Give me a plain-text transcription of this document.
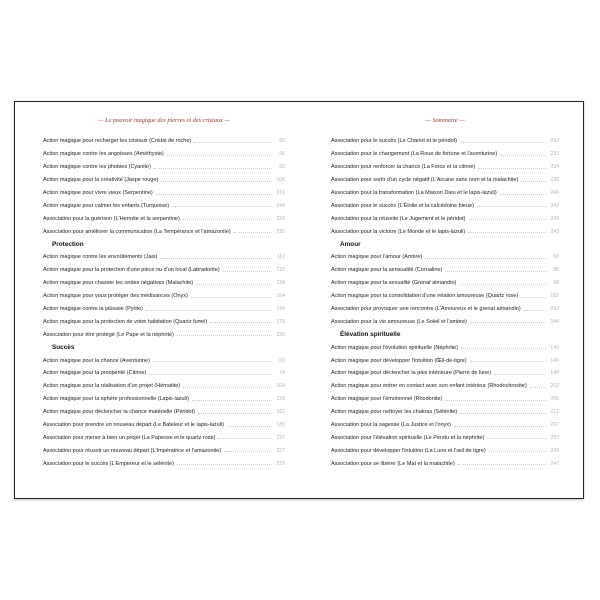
— Le pouvoir magique des pierres et des cristaux —
Action magique pour recharger les cristaux (Cristal de roche)	90
Action magique contre les angoisses (Améthyste)	96
Action magique contre les phobies (Cyanite)	92
Action magique pour la créativité (Jaspe rouge)	106
Action magique pour vivre vieux (Serpentine)	216
Action magique pour calmer les enfants (Turquoise)	244
Association pour la guérison (L'Hermite et la serpentine)	224
Association pour améliorer la communication (La Tempérance et l'amazonite)	230
Protection
Action magique contre les envoûtements (Jais)	112
Action magique pour la protection d'une pièce ou d'un local (Labradorite)	122
Action magique pour chasser les ondes négatives (Malachite)	134
Action magique pour vous protéger des médisances (Onyx)	164
Action magique contre la jalousie (Pyrite)	194
Action magique pour la protection de votre habitation (Quartz fumé)	178
Association pour être protégé (Le Pape et la néphrite)	230
Succès
Action magique pour la chance (Aventurine)	60
Action magique pour la prospérité (Citrine)	74
Action magique pour la réalisation d'un projet (Hématite)	104
Action magique pour la sphère professionnelle (Lapis-lazuli)	128
Action magique pour déclencher la chance matérielle (Péridot)	162
Association pour prendre un nouveau départ (Le Bateleur et le lapis-lazuli)	183
Association pour mener à bien un projet (La Papesse et le quartz rose)	227
Association pour réussir un nouveau départ (L'Impératrice et l'amazonite)	227
Association pour le succès (L'Empereur et le sélénite)	229
— Sommaire —
Association pour le succès (Le Chariot et le péridot)	232
Association pour le changement (La Roue de fortune et l'aventurine)	233
Association pour renforcer la chance (La Force et la citrine)	234
Association pour sortir d'un cycle négatif (L'Arcane sans nom et la malachite)	236
Association pour la transformation (La Maison Dieu et le lapis-lazuli)	240
Association pour le succès (L'Étoile et la calcédoine bleue)	242
Association pour la réussite (Le Jugement et le péridot)	243
Association pour la victoire (Le Monde et le lapis-lazuli)	243
Amour
Action magique pour l'amour (Ambre)	50
Action magique pour la sensualité (Cornaline)	80
Action magique pour la sexualité (Grenat almandin)	98
Action magique pour la consolidation d'une relation amoureuse (Quartz rose)	182
Association pour provoquer une rencontre (L'Amoureux et le grenat almandin)	232
Association pour la vie amoureuse (Le Soleil et l'ambre)	244
Élévation spirituelle
Action magique pour l'évolution spirituelle (Néphrite)	140
Action magique pour développer l'intuition (Œil-de-tigre)	145
Action magique pour déclencher la paix intérieure (Pierre de lune)	148
Action magique pour entrer en contact avec son enfant intérieur (Rhodochrosite)	202
Action magique pour l'émotionnel (Rhodonite)	206
Action magique pour nettoyer les chakras (Sélénite)	212
Association pour la sagesse (La Justice et l'onyx)	237
Association pour l'élévation spirituelle (Le Pendu et la néphrite)	237
Association pour développer l'intuition (La Lune et l'œil de tigre)	243
Association pour se libérer (Le Mat et la malachite)	247
